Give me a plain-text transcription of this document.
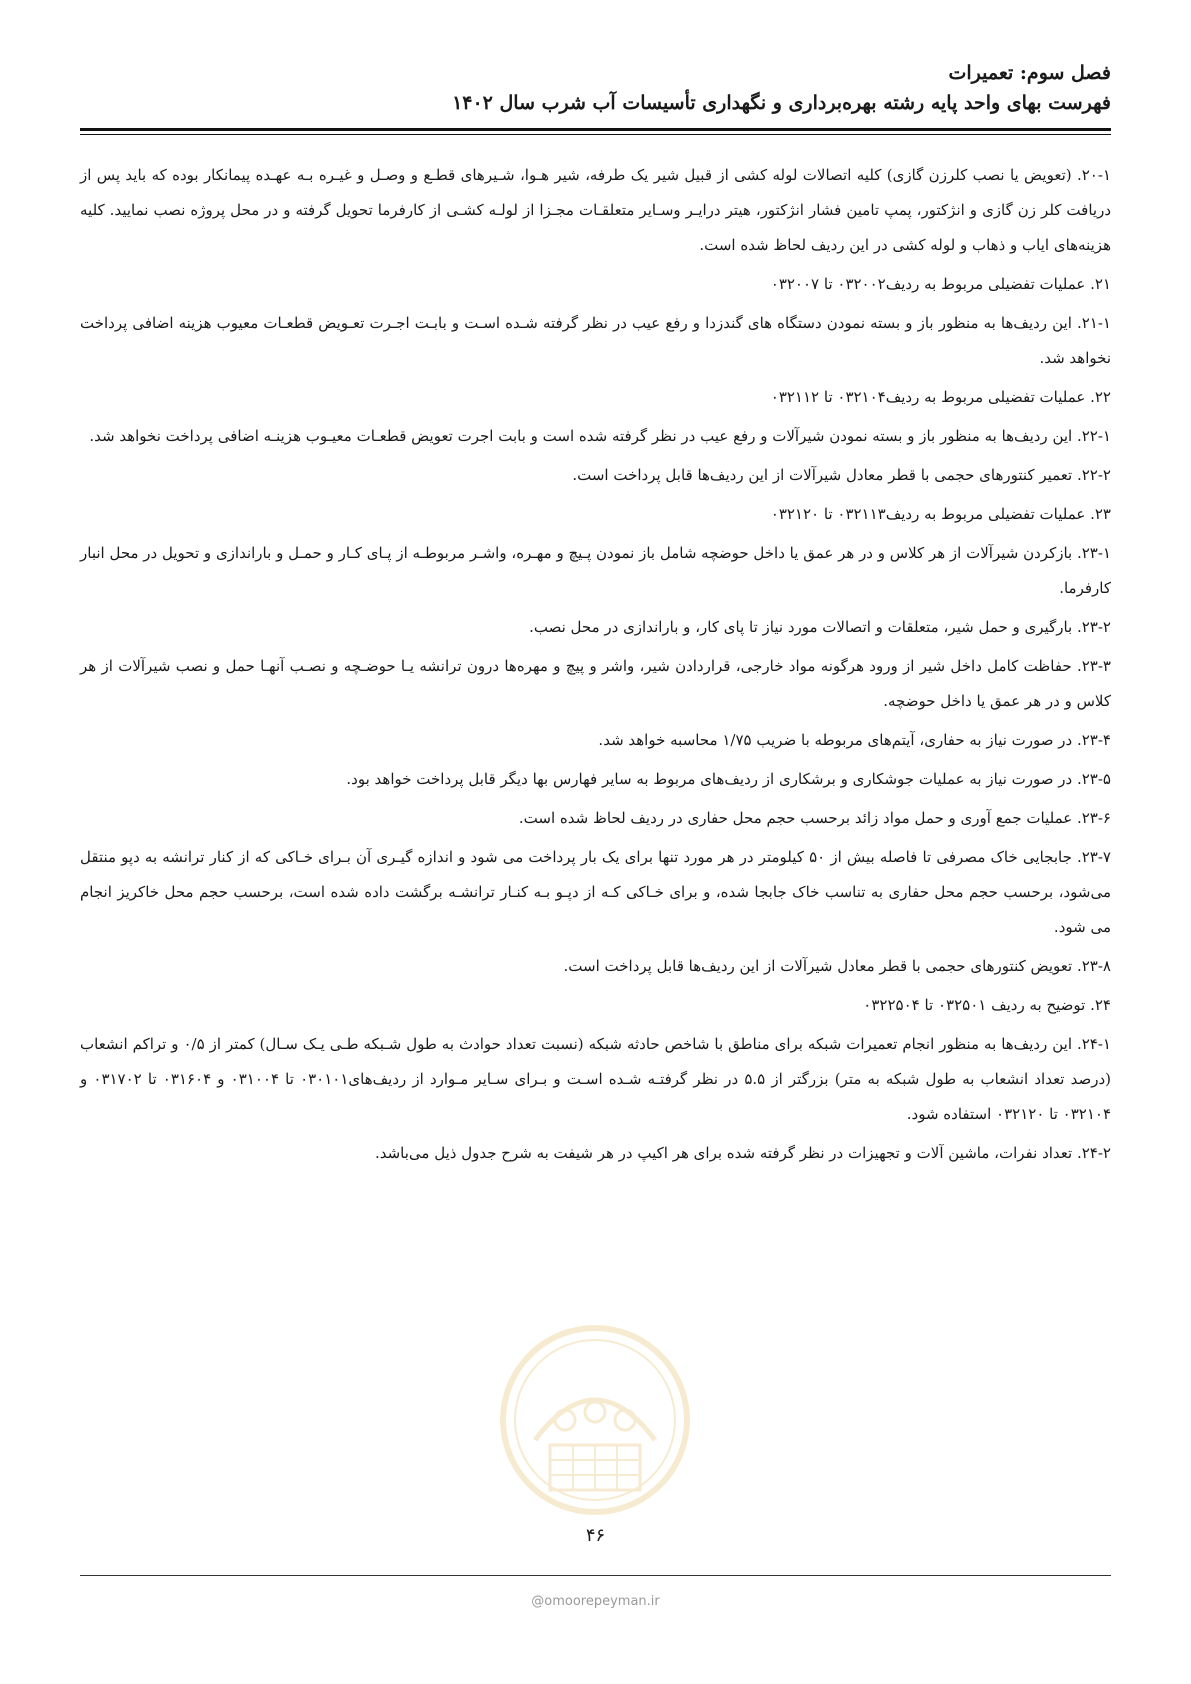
فصل سوم: تعمیرات
فهرست بهای واحد پایه رشته بهره‌برداری و نگهداری تأسیسات آب شرب سال ۱۴۰۲

۲۰-۱. (تعویض یا نصب کلرزن گازی) کلیه اتصالات لوله کشی از قبیل شیر یک طرفه، شیر هـوا، شـیرهای قطـع و وصـل و غیـره بـه عهـده پیمانکار بوده که باید پس از دریافت کلر زن گازی و انژکتور، پمپ تامین فشار انژکتور، هیتر درایـر وسـایر متعلقـات مجـزا از لولـه کشـی از کارفرما تحویل گرفته و در محل پروژه نصب نمایید. کلیه هزینه‌های ایاب و ذهاب و لوله کشی در این ردیف لحاظ شده است.

۲۱. عملیات تفضیلی مربوط به ردیف۰۳۲۰۰۲ تا ۰۳۲۰۰۷

۲۱-۱. این ردیف‌ها به منظور باز و بسته نمودن دستگاه های گندزدا و رفع عیب در نظر گرفته شـده اسـت و بابـت اجـرت تعـویض قطعـات معیوب هزینه اضافی پرداخت نخواهد شد.

۲۲. عملیات تفضیلی مربوط به ردیف۰۳۲۱۰۴ تا ۰۳۲۱۱۲

۲۲-۱. این ردیف‌ها به منظور باز و بسته نمودن شیرآلات و رفع عیب در نظر گرفته شده است و بابت اجرت تعویض قطعـات معیـوب هزینـه اضافی پرداخت نخواهد شد.

۲۲-۲. تعمیر کنتورهای حجمی با قطر معادل شیرآلات از این ردیف‌ها قابل پرداخت است.

۲۳. عملیات تفضیلی مربوط به ردیف۰۳۲۱۱۳ تا ۰۳۲۱۲۰

۲۳-۱. بازکردن شیرآلات از هر کلاس و در هر عمق یا داخل حوضچه شامل باز نمودن پـیچ و مهـره، واشـر مربوطـه از پـای کـار و حمـل و باراندازی و تحویل در محل انبار کارفرما.

۲۳-۲. بارگیری و حمل شیر، متعلقات و اتصالات مورد نیاز تا پای کار، و باراندازی در محل نصب.

۲۳-۳. حفاظت کامل داخل شیر از ورود هرگونه مواد خارجی، قراردادن شیر، واشر و پیچ و مهره‌ها درون ترانشه یـا حوضـچه و نصـب آنهـا حمل و نصب شیرآلات از هر کلاس و در هر عمق یا داخل حوضچه.

۲۳-۴. در صورت نیاز به حفاری، آیتم‌های مربوطه با ضریب ۱/۷۵ محاسبه خواهد شد.

۲۳-۵. در صورت نیاز به عملیات جوشکاری و برشکاری از ردیف‌های مربوط به سایر فهارس بها دیگر قابل پرداخت خواهد بود.

۲۳-۶. عملیات جمع آوری و حمل مواد زائد برحسب حجم محل حفاری در ردیف لحاظ شده است.

۲۳-۷. جابجایی خاک مصرفی تا فاصله بیش از ۵۰ کیلومتر در هر مورد تنها برای یک بار پرداخت می شود و اندازه گیـری آن بـرای خـاکی که از کنار ترانشه به دپو منتقل می‌شود، برحسب حجم محل حفاری به تناسب خاک جابجا شده، و برای خـاکی کـه از دپـو بـه کنـار ترانشـه برگشت داده شده است، برحسب حجم محل خاکریز انجام می شود.

۲۳-۸. تعویض کنتورهای حجمی با قطر معادل شیرآلات از این ردیف‌ها قابل پرداخت است.

۲۴. توضیح به ردیف ۰۳۲۵۰۱ تا ۰۳۲۲۵۰۴

۲۴-۱. این ردیف‌ها به منظور انجام تعمیرات شبکه برای مناطق با شاخص حادثه شبکه (نسبت تعداد حوادث به طول شـبکه طـی یـک سـال) کمتر از ۰/۵ و تراکم انشعاب (درصد تعداد انشعاب به طول شبکه به متر) بزرگتر از ۵.۵ در نظر گرفتـه شـده اسـت و بـرای سـایر مـوارد از ردیف‌های۰۳۰۱۰۱ تا ۰۳۱۰۰۴ و ۰۳۱۶۰۴ تا ۰۳۱۷۰۲ و ۰۳۲۱۰۴ تا ۰۳۲۱۲۰ استفاده شود.

۲۴-۲. تعداد نفرات، ماشین آلات و تجهیزات در نظر گرفته شده برای هر اکیپ در هر شیفت به شرح جدول ذیل می‌باشد.

۴۶
@omoorepeyman.ir
